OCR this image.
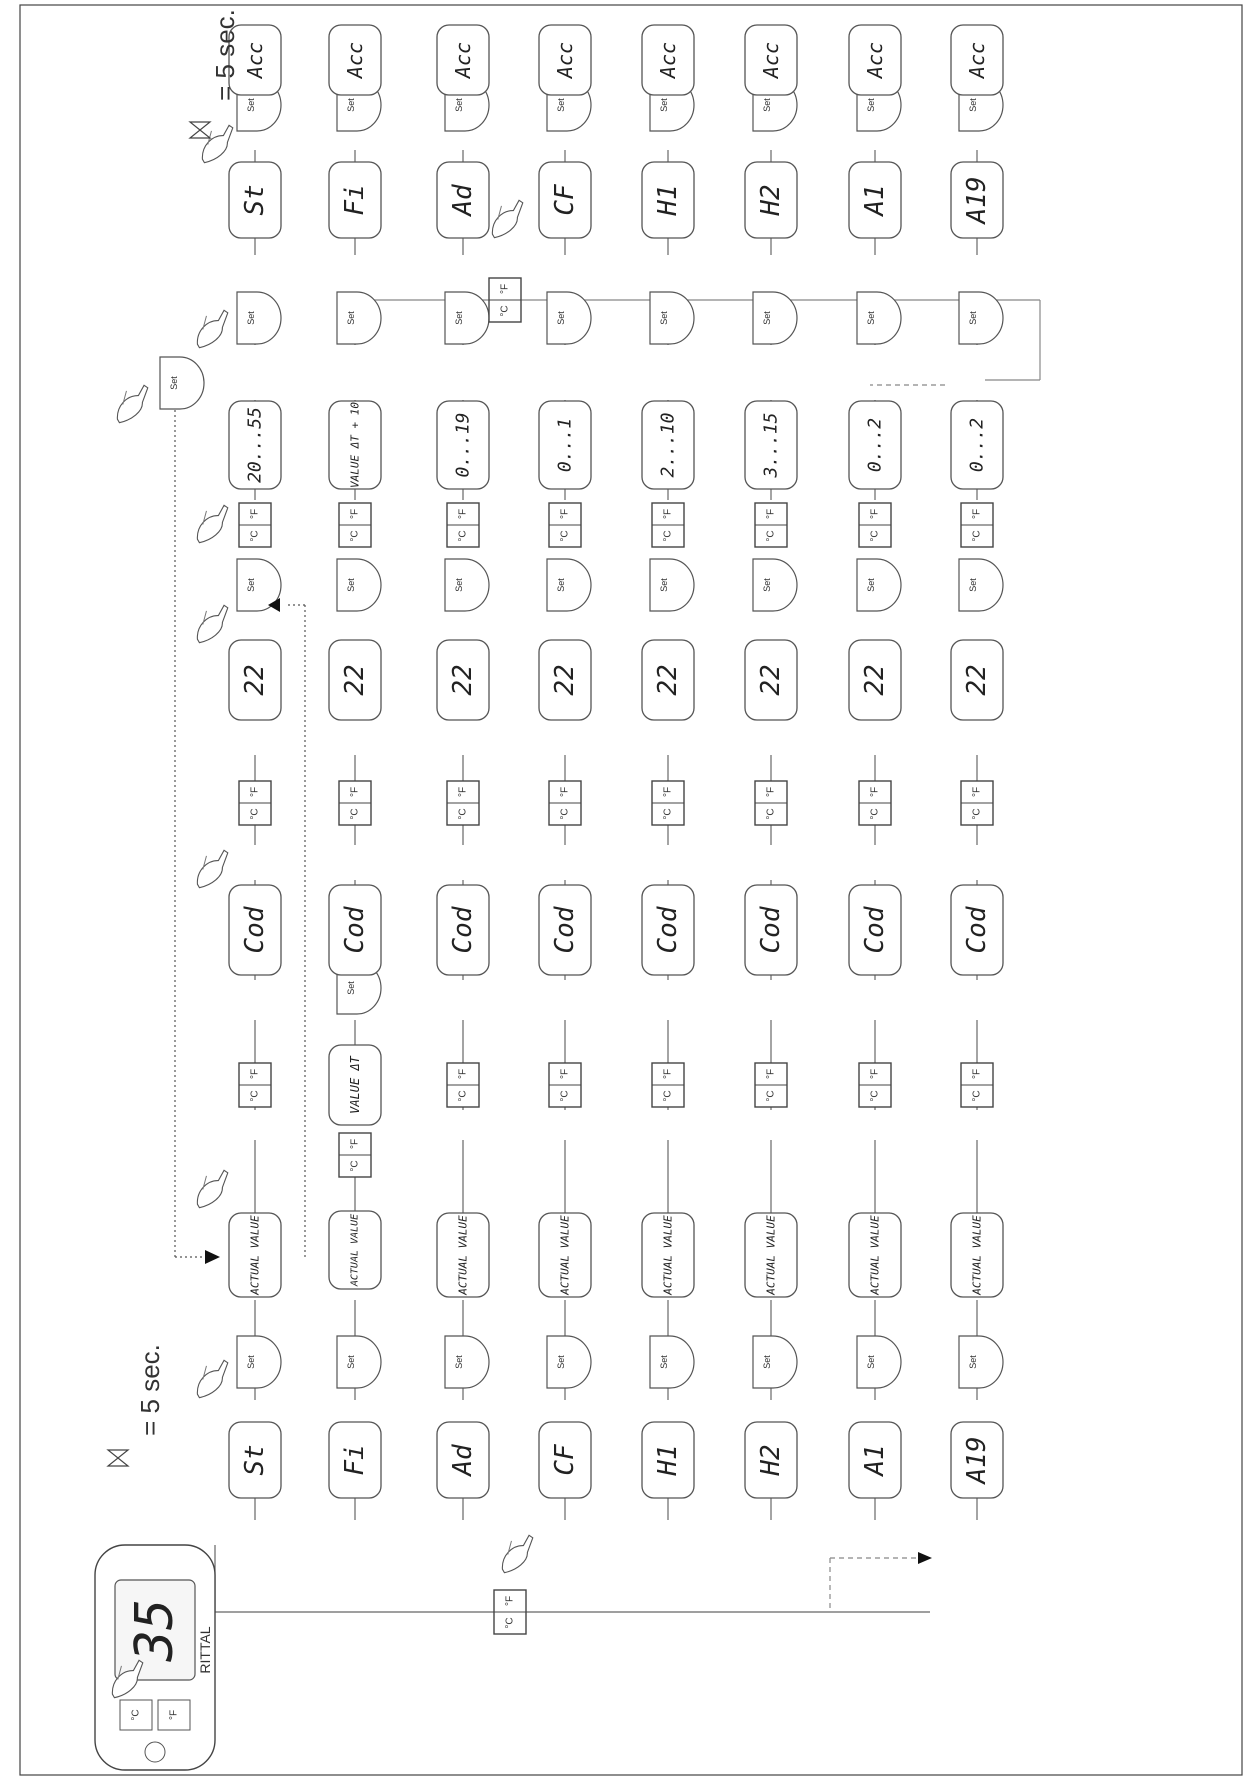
St
Set
ACTUAL VALUE
°C
°F
Cod
°C
°F
22
Set
°C
°F
20...55
Set
St
Set
Acc
Fi
Set
ACTUAL VALUE
°C
°F
VALUE ΔT
Set
Cod
°C
°F
22
Set
°C
°F
VALUE ΔT + 10
Set
Fi
Set
Acc
Ad
Set
ACTUAL VALUE
°C
°F
Cod
°C
°F
22
Set
°C
°F
0...19
Set
Ad
Set
Acc
CF
Set
ACTUAL VALUE
°C
°F
Cod
°C
°F
22
Set
°C
°F
0...1
Set
CF
Set
Acc
H1
Set
ACTUAL VALUE
°C
°F
Cod
°C
°F
22
Set
°C
°F
2...10
Set
H1
Set
Acc
H2
Set
ACTUAL VALUE
°C
°F
Cod
°C
°F
22
Set
°C
°F
3...15
Set
H2
Set
Acc
A1
Set
ACTUAL VALUE
°C
°F
Cod
°C
°F
22
Set
°C
°F
0...2
Set
A1
Set
Acc
A19
Set
ACTUAL VALUE
°C
°F
Cod
°C
°F
22
Set
°C
°F
0...2
Set
A19
Set
Acc
35 RITTAL
°C	°F
Set
°C
°F
°C
°F
= 5 sec.
= 5 sec.
